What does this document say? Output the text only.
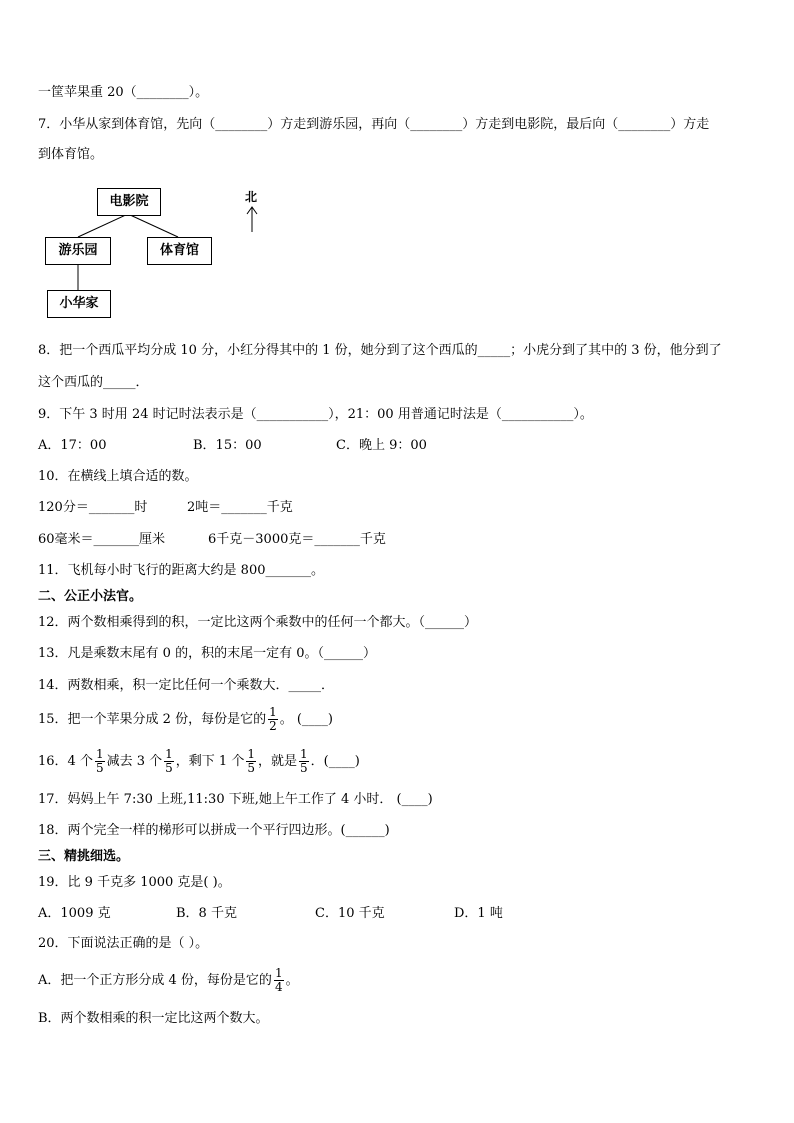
一筐苹果重 20（________）。
7．小华从家到体育馆，先向（________）方走到游乐园，再向（________）方走到电影院，最后向（________）方走
到体育馆。
电影院
游乐园	体育馆
小华家
北
8．把一个西瓜平均分成 10 分，小红分得其中的 1 份，她分到了这个西瓜的_____；小虎分到了其中的 3 份，他分到了
这个西瓜的_____．
9．下午 3 时用 24 时记时法表示是（___________），21：00 用普通记时法是（___________）。
A．17：00	B．15：00	C．晚上 9：00
10．在横线上填合适的数。
120分＝_______时	2吨＝_______千克
60毫米＝_______厘米	6千克－3000克＝_______千克
11．飞机每小时飞行的距离大约是 800_______。
二、公正小法官。
12．两个数相乘得到的积，一定比这两个乘数中的任何一个都大。（______）
13．凡是乘数末尾有 0 的，积的末尾一定有 0。（______）
14．两数相乘，积一定比任何一个乘数大．_____．
15．把一个苹果分成 2 份，每份是它的 $\frac{1}{2}$ 。 (____)
16．4 个 $\frac{1}{5}$ 减去 3 个 $\frac{1}{5}$ ，剩下 1 个 $\frac{1}{5}$ ，就是 $\frac{1}{5}$ ．(____)
17．妈妈上午 7:30 上班,11:30 下班,她上午工作了 4 小时． (____)
18．两个完全一样的梯形可以拼成一个平行四边形。(______)
三、精挑细选。
19．比 9 千克多 1000 克是( )。
A．1009 克	B．8 千克	C．10 千克	D．1 吨
20．下面说法正确的是（ ）。
A．把一个正方形分成 4 份，每份是它的 $\frac{1}{4}$ 。
B．两个数相乘的积一定比这两个数大。
